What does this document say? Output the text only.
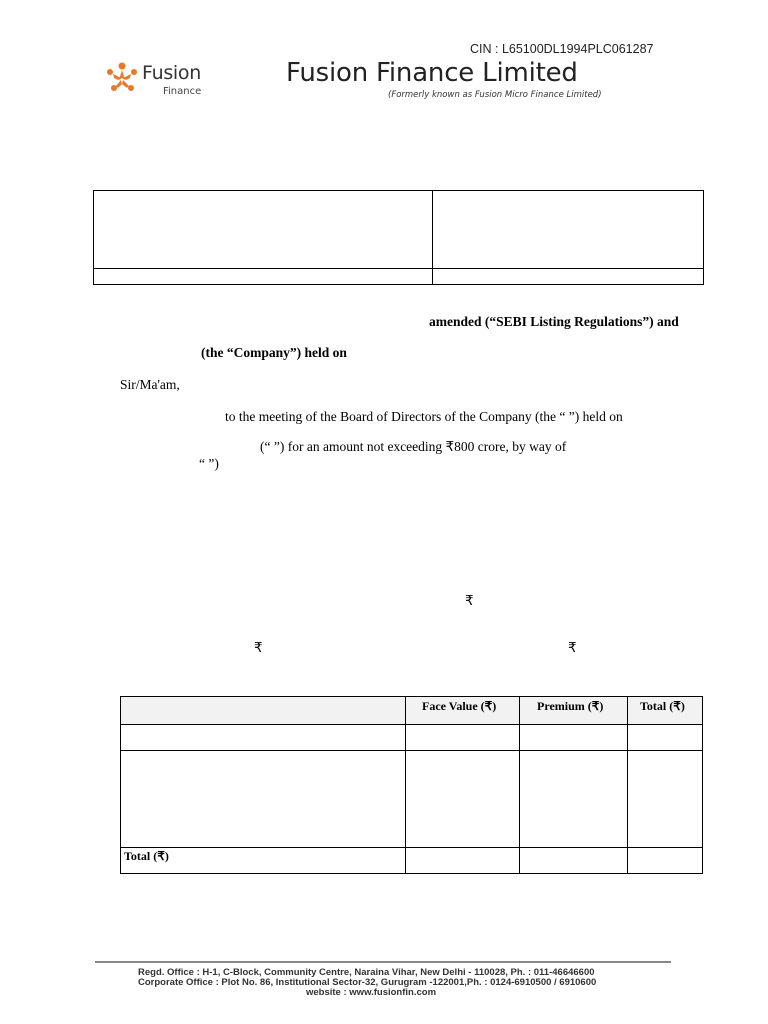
CIN : L65100DL1994PLC061287
Fusion
Finance
Fusion Finance Limited
(Formerly known as Fusion Micro Finance Limited)
amended (“SEBI Listing Regulations”) and
(the “Company”) held on
Sir/Ma'am,
to the meeting of the Board of Directors of the Company (the “ ”) held on
(“ ”) for an amount not exceeding ₹800 crore, by way of
“ ”)
₹
₹	₹
Face Value (₹)	Premium (₹)	Total (₹)
Total (₹)
Regd. Office : H-1, C-Block, Community Centre, Naraina Vihar, New Delhi - 110028, Ph. : 011-46646600
Corporate Office : Plot No. 86, Institutional Sector-32, Gurugram -122001,Ph. : 0124-6910500 / 6910600
website : www.fusionfin.com
